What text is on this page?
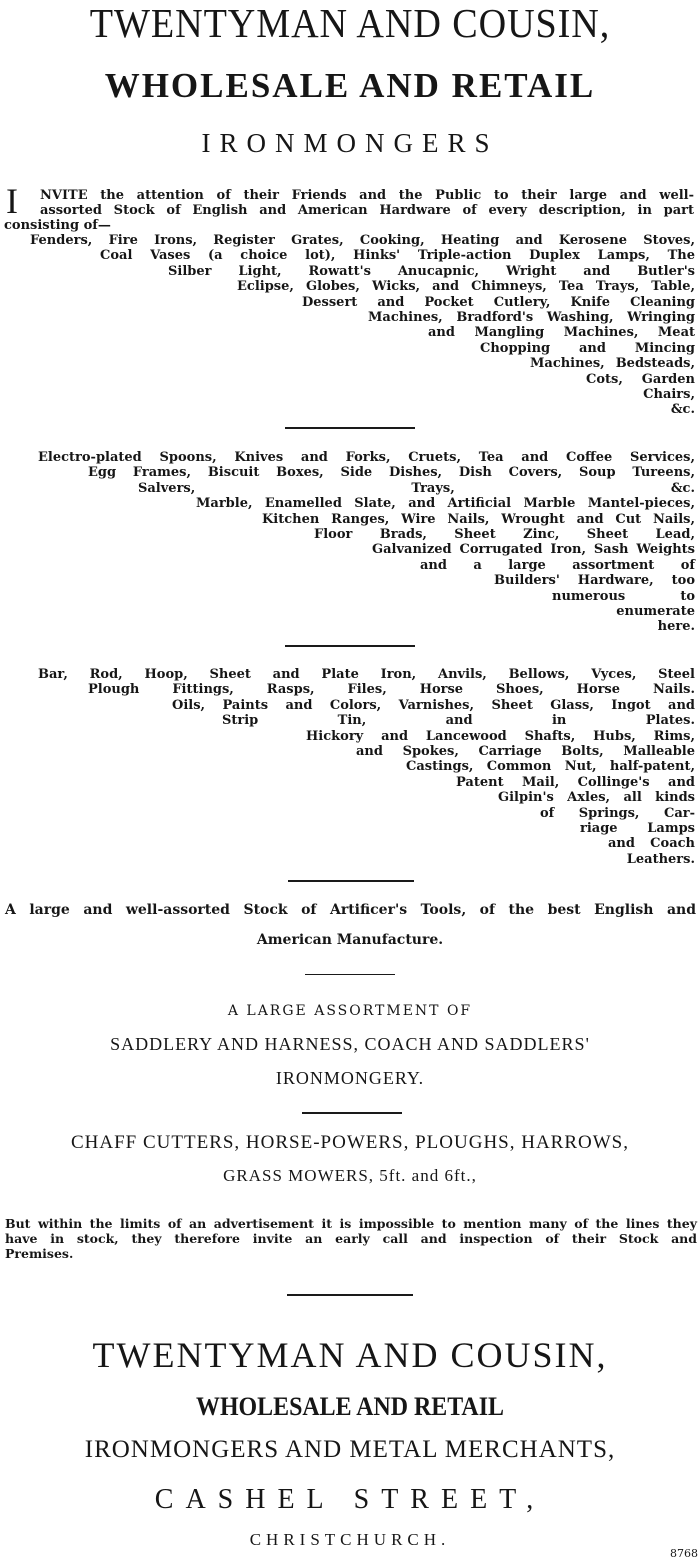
TWENTYMAN AND COUSIN,
WHOLESALE AND RETAIL
IRONMONGERS
I NVITE the attention of their Friends and the Public to their large and well-
assorted Stock of English and American Hardware of every description, in part
consisting of—
Fenders, Fire Irons, Register Grates, Cooking, Heating and Kerosene Stoves,
Coal Vases (a choice lot), Hinks' Triple-action Duplex Lamps, The
Silber Light, Rowatt's Anucapnic, Wright and Butler's
Eclipse, Globes, Wicks, and Chimneys, Tea Trays, Table,
Dessert and Pocket Cutlery, Knife Cleaning
Machines, Bradford's Washing, Wringing
and Mangling Machines, Meat
Chopping and Mincing
Machines, Bedsteads,
Cots, Garden
Chairs,
&c.
Electro-plated Spoons, Knives and Forks, Cruets, Tea and Coffee Services,
Egg Frames, Biscuit Boxes, Side Dishes, Dish Covers, Soup Tureens,
Salvers, Trays, &c.
Marble, Enamelled Slate, and Artificial Marble Mantel-pieces,
Kitchen Ranges, Wire Nails, Wrought and Cut Nails,
Floor Brads, Sheet Zinc, Sheet Lead,
Galvanized Corrugated Iron, Sash Weights
and a large assortment of
Builders' Hardware, too
numerous to
enumerate
here.
Bar, Rod, Hoop, Sheet and Plate Iron, Anvils, Bellows, Vyces, Steel
Plough Fittings, Rasps, Files, Horse Shoes, Horse Nails.
Oils, Paints and Colors, Varnishes, Sheet Glass, Ingot and
Strip Tin, and in Plates.
Hickory and Lancewood Shafts, Hubs, Rims,
and Spokes, Carriage Bolts, Malleable
Castings, Common Nut, half-patent,
Patent Mail, Collinge's and
Gilpin's Axles, all kinds
of Springs, Car-
riage Lamps
and Coach
Leathers.
A large and well-assorted Stock of Artificer's Tools, of the best English and
American Manufacture.
A LARGE ASSORTMENT OF
SADDLERY AND HARNESS, COACH AND SADDLERS'
IRONMONGERY.
CHAFF CUTTERS, HORSE-POWERS, PLOUGHS, HARROWS,
GRASS MOWERS, 5ft. and 6ft.,
But within the limits of an advertisement it is impossible to mention many of the lines they
have in stock, they therefore invite an early call and inspection of their Stock and
Premises.
TWENTYMAN AND COUSIN,
WHOLESALE AND RETAIL
IRONMONGERS AND METAL MERCHANTS,
CASHEL STREET,
CHRISTCHURCH.
8768
